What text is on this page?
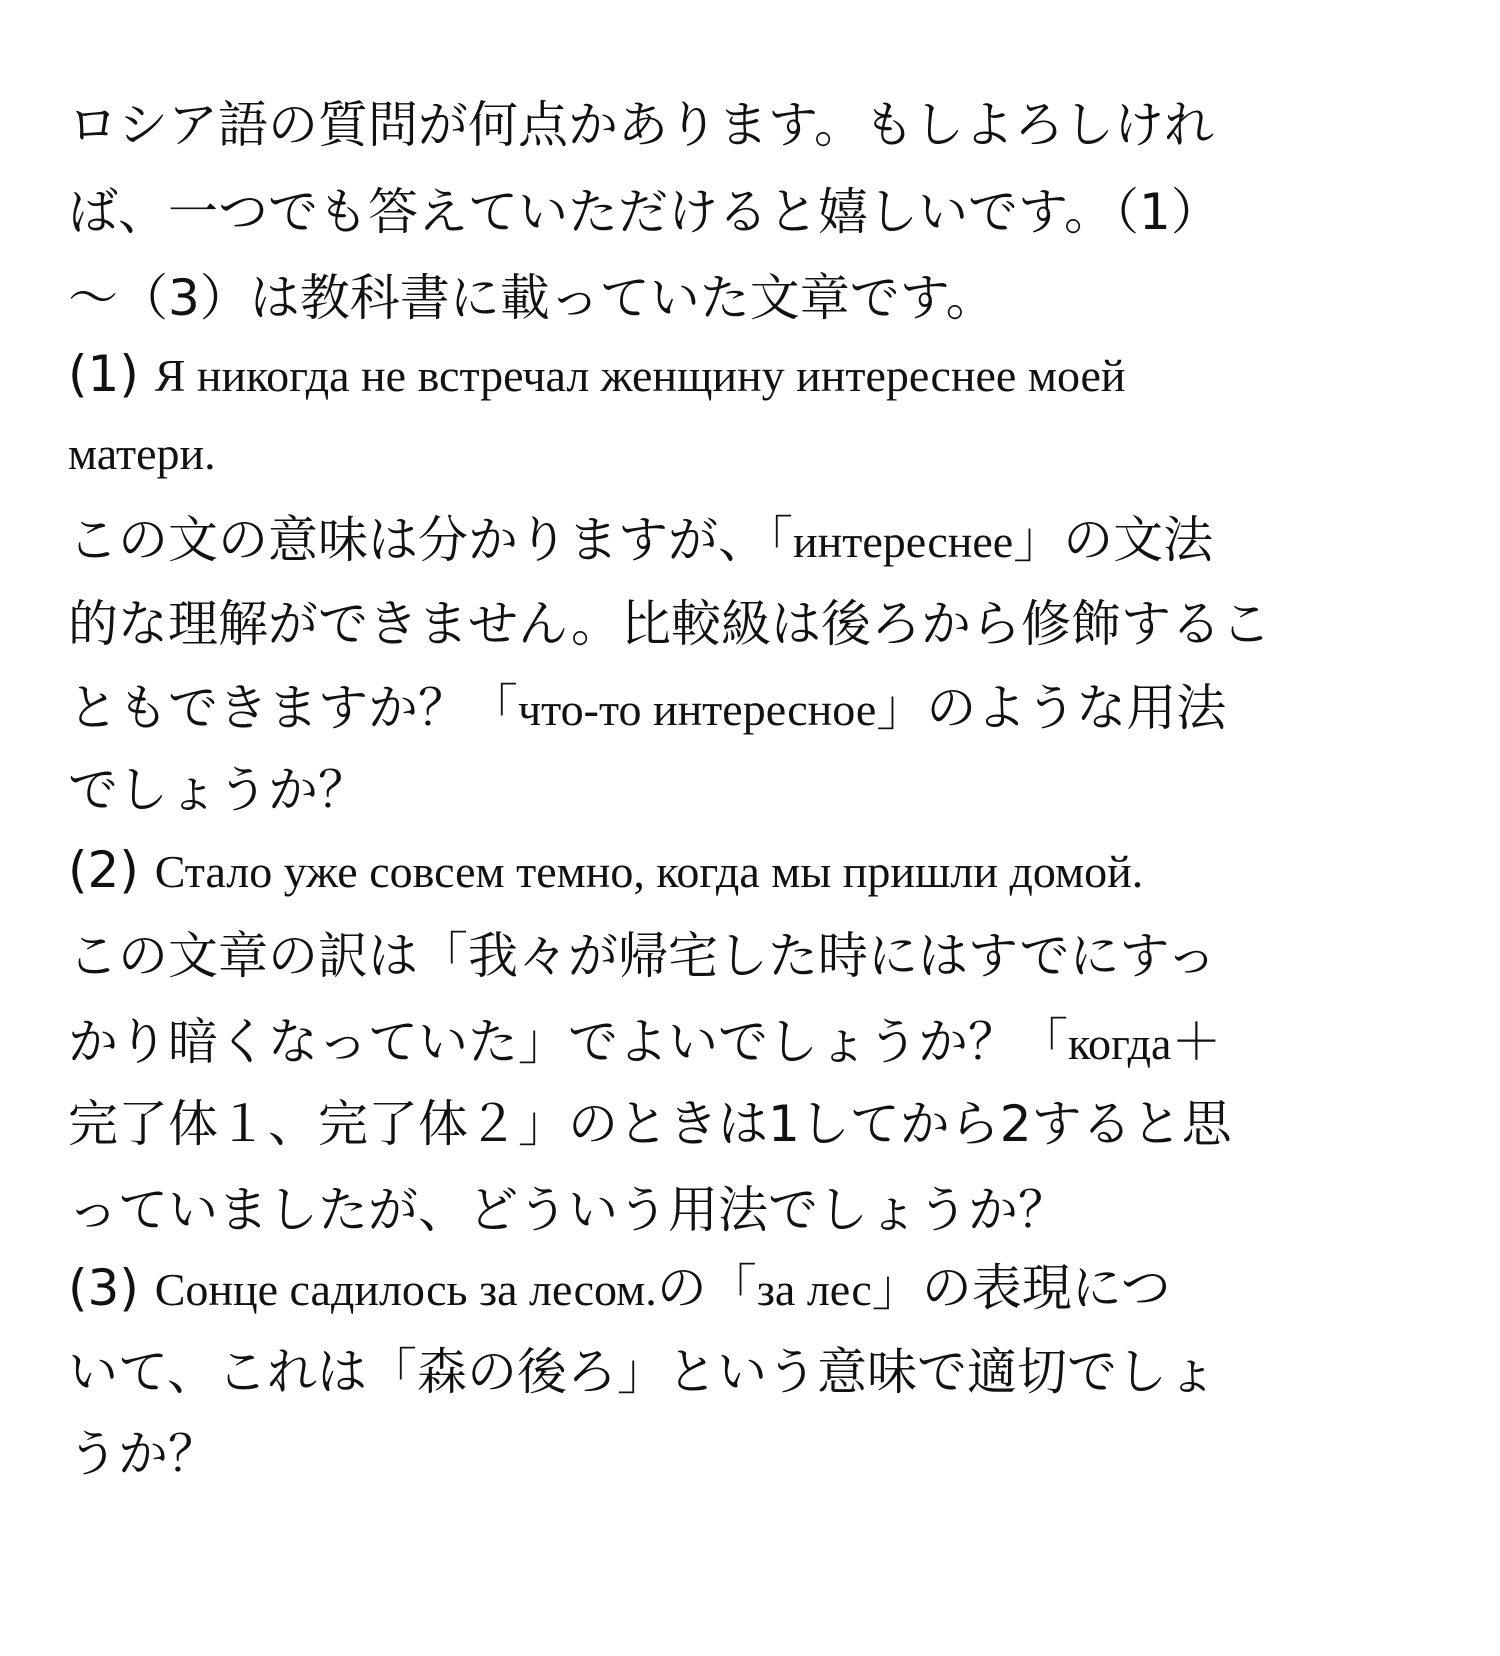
ロシア語の質問が何点かあります。もしよろしけれ
ば、一つでも答えていただけると嬉しいです。（1）
～（3）は教科書に載っていた文章です。
(1) Я никогда не встречал женщину интереснее моей
матери.
この文の意味は分かりますが、「интереснее」の文法
的な理解ができません。比較級は後ろから修飾するこ
ともできますか？「что-то интересное」のような用法
でしょうか？
(2) Стало уже совсем темно, когда мы пришли домой.
この文章の訳は「我々が帰宅した時にはすでにすっ
かり暗くなっていた」でよいでしょうか？「когда＋
完了体１、完了体２」のときは1してから2すると思
っていましたが、どういう用法でしょうか？
(3) Сонце садилось за лесом.の「за лес」の表現につ
いて、これは「森の後ろ」という意味で適切でしょ
うか？
